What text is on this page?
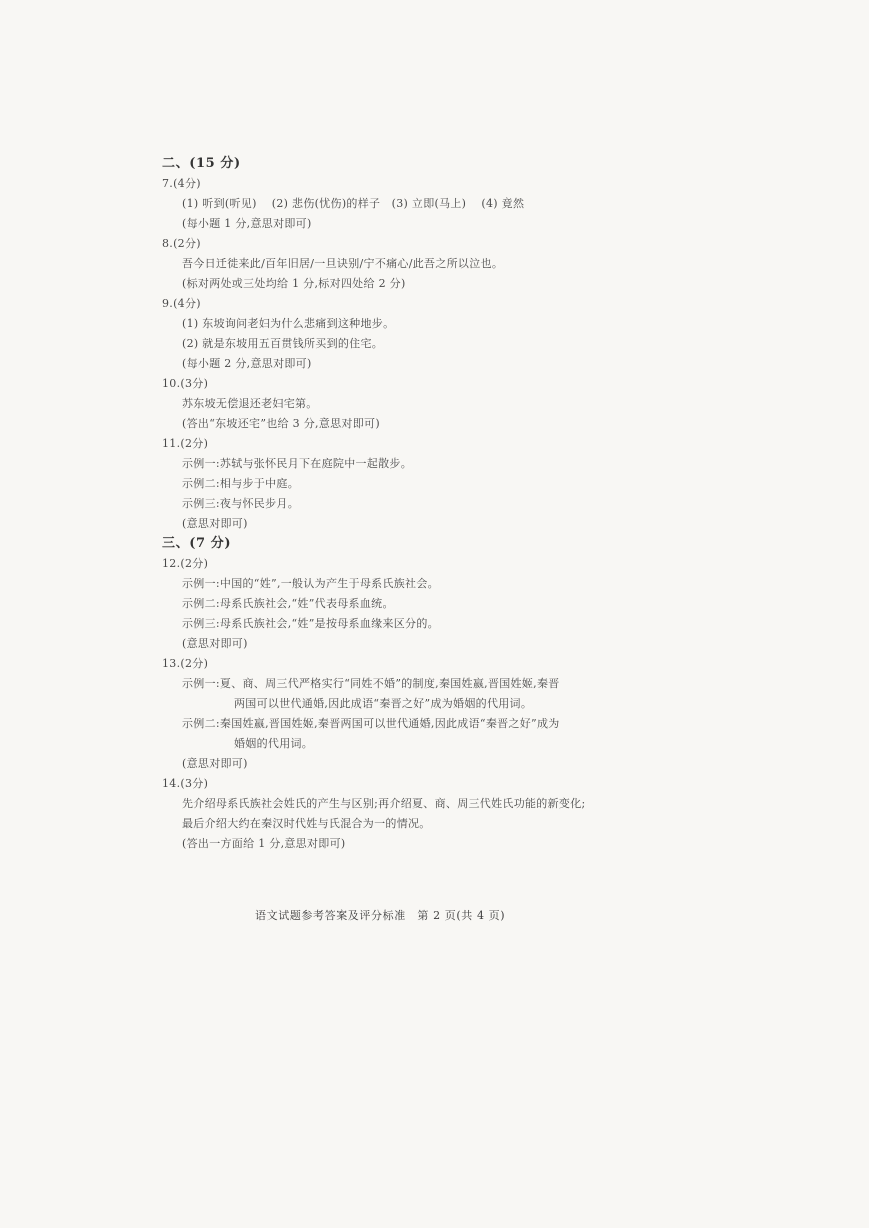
二、(15 分)
7.(4分)
(1) 听到(听见)　 (2) 悲伤(忧伤)的样子　(3) 立即(马上)　 (4) 竟然
(每小题 1 分,意思对即可)
8.(2分)
吾今日迁徙来此/百年旧居/一旦诀别/宁不痛心/此吾之所以泣也。
(标对两处或三处均给 1 分,标对四处给 2 分)
9.(4分)
(1) 东坡询问老妇为什么悲痛到这种地步。
(2) 就是东坡用五百贯钱所买到的住宅。
(每小题 2 分,意思对即可)
10.(3分)
苏东坡无偿退还老妇宅第。
(答出“东坡还宅”也给 3 分,意思对即可)
11.(2分)
示例一:苏轼与张怀民月下在庭院中一起散步。
示例二:相与步于中庭。
示例三:夜与怀民步月。
(意思对即可)
三、(7 分)
12.(2分)
示例一:中国的“姓”,一般认为产生于母系氏族社会。
示例二:母系氏族社会,“姓”代表母系血统。
示例三:母系氏族社会,“姓”是按母系血缘来区分的。
(意思对即可)
13.(2分)
示例一:夏、商、周三代严格实行“同姓不婚”的制度,秦国姓嬴,晋国姓姬,秦晋
两国可以世代通婚,因此成语“秦晋之好”成为婚姻的代用词。
示例二:秦国姓嬴,晋国姓姬,秦晋两国可以世代通婚,因此成语“秦晋之好”成为
婚姻的代用词。
(意思对即可)
14.(3分)
先介绍母系氏族社会姓氏的产生与区别;再介绍夏、商、周三代姓氏功能的新变化;
最后介绍大约在秦汉时代姓与氏混合为一的情况。
(答出一方面给 1 分,意思对即可)
语文试题参考答案及评分标准　第 2 页(共 4 页)
